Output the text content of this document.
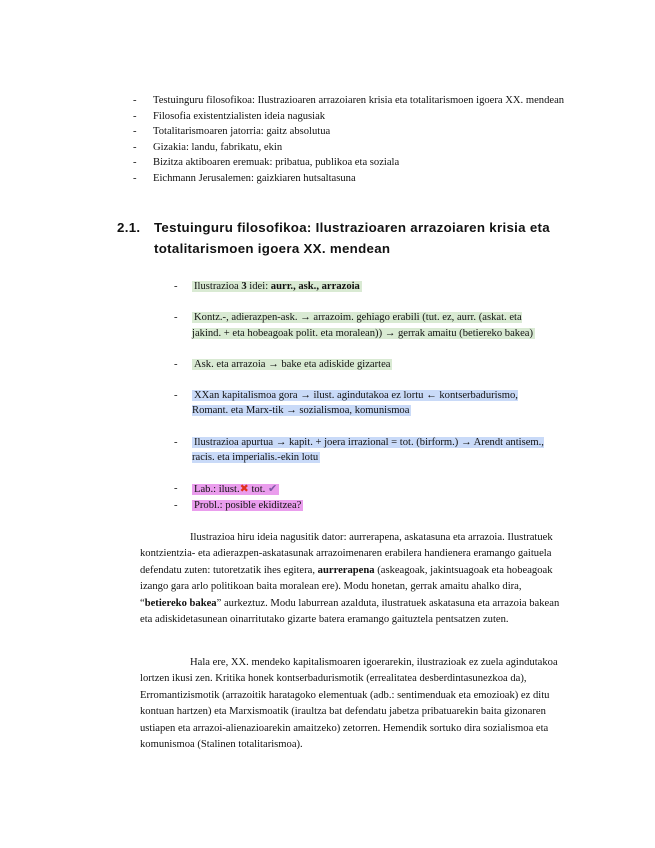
- Testuinguru filosofikoa: Ilustrazioaren arrazoiaren krisia eta totalitarismoen igoera XX. mendean
- Filosofia existentzialisten ideia nagusiak
- Totalitarismoaren jatorria: gaitz absolutua
- Gizakia: landu, fabrikatu, ekin
- Bizitza aktiboaren eremuak: pribatua, publikoa eta soziala
- Eichmann Jerusalemen: gaizkiaren hutsaltasuna
2.1. Testuinguru filosofikoa: Ilustrazioaren arrazoiaren krisia eta totalitarismoen igoera XX. mendean
- Ilustrazioa 3 idei: aurr., ask., arrazoia
- Kontz.-, adierazpen-ask. → arrazoim. gehiago erabili (tut. ez, aurr. (askat. eta jakind. + eta hobeagoak polit. eta moralean)) → gerrak amaitu (betiereko bakea)
- Ask. eta arrazoia → bake eta adiskide gizartea
- XXan kapitalismoa gora → ilust. agindutakoa ez lortu ← kontserbadurismo, Romant. eta Marx-tik → sozialismoa, komunismoa
- Ilustrazioa apurtua → kapit. + joera irrazional = tot. (birform.) → Arendt antisem., racis. eta imperialis.-ekin lotu
- Lab.: ilust.✖ tot. ✔
- Probl.: posible ekiditzea?
Ilustrazioa hiru ideia nagusitik dator: aurrerapena, askatasuna eta arrazoia. Ilustratuek kontzientzia- eta adierazpen-askatasunak arrazoimenaren erabilera handienera eramango gaituela defendatu zuten: tutoretzatik ihes egitera, aurrerapena (askeagoak, jakintsuagoak eta hobeagoak izango gara arlo politikoan baita moralean ere). Modu honetan, gerrak amaitu ahalko dira, “betiereko bakea” aurkeztuz. Modu laburrean azalduta, ilustratuek askatasuna eta arrazoia bakean eta adiskidetasunean oinarritutako gizarte batera eramango gaituztela pentsatzen zuten.
Hala ere, XX. mendeko kapitalismoaren igoerarekin, ilustrazioak ez zuela agindutakoa lortzen ikusi zen. Kritika honek kontserbadurismotik (errealitatea desberdintasunezkoa da), Erromantizismotik (arrazoitik haratagoko elementuak (adb.: sentimenduak eta emozioak) ez ditu kontuan hartzen) eta Marxismoatik (iraultza bat defendatu jabetza pribatuarekin baita gizonaren ustiapen eta arrazoi-alienazioarekin amaitzeko) zetorren. Hemendik sortuko dira sozialismoa eta komunismoa (Stalinen totalitarismoa).
